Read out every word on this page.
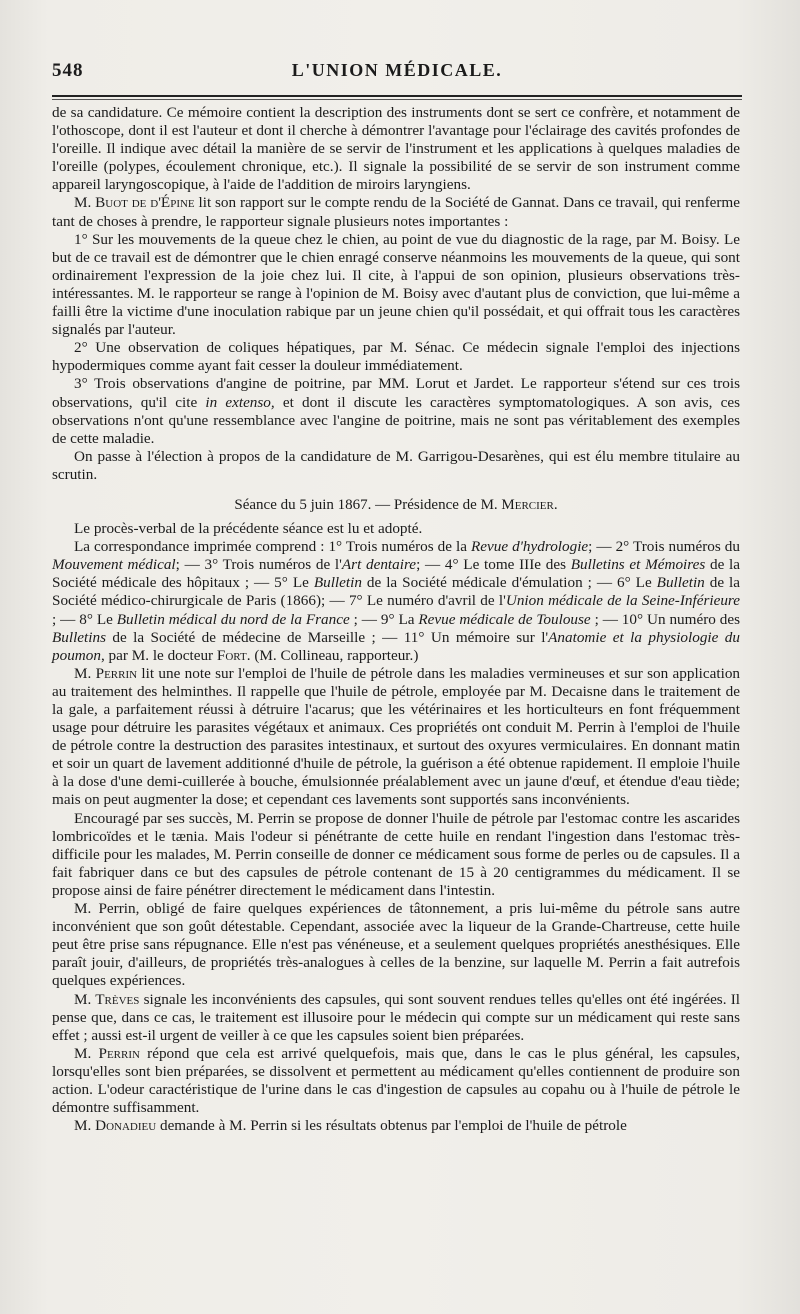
548	L'UNION MÉDICALE.

de sa candidature. Ce mémoire contient la description des instruments dont se sert ce confrère, et notamment de l'othoscope, dont il est l'auteur et dont il cherche à démontrer l'avantage pour l'éclairage des cavités profondes de l'oreille. Il indique avec détail la manière de se servir de l'instrument et les applications à quelques maladies de l'oreille (polypes, écoulement chronique, etc.). Il signale la possibilité de se servir de son instrument comme appareil laryngoscopique, à l'aide de l'addition de miroirs laryngiens.

M. Buot de d'Épine lit son rapport sur le compte rendu de la Société de Gannat. Dans ce travail, qui renferme tant de choses à prendre, le rapporteur signale plusieurs notes importantes :

1° Sur les mouvements de la queue chez le chien, au point de vue du diagnostic de la rage, par M. Boisy. Le but de ce travail est de démontrer que le chien enragé conserve néanmoins les mouvements de la queue, qui sont ordinairement l'expression de la joie chez lui. Il cite, à l'appui de son opinion, plusieurs observations très-intéressantes. M. le rapporteur se range à l'opinion de M. Boisy avec d'autant plus de conviction, que lui-même a failli être la victime d'une inoculation rabique par un jeune chien qu'il possédait, et qui offrait tous les caractères signalés par l'auteur.

2° Une observation de coliques hépatiques, par M. Sénac. Ce médecin signale l'emploi des injections hypodermiques comme ayant fait cesser la douleur immédiatement.

3° Trois observations d'angine de poitrine, par MM. Lorut et Jardet. Le rapporteur s'étend sur ces trois observations, qu'il cite in extenso, et dont il discute les caractères symptomatologiques. A son avis, ces observations n'ont qu'une ressemblance avec l'angine de poitrine, mais ne sont pas véritablement des exemples de cette maladie.

On passe à l'élection à propos de la candidature de M. Garrigou-Desarènes, qui est élu membre titulaire au scrutin.

Séance du 5 juin 1867. — Présidence de M. Mercier.

Le procès-verbal de la précédente séance est lu et adopté.

La correspondance imprimée comprend : 1° Trois numéros de la Revue d'hydrologie; — 2° Trois numéros du Mouvement médical; — 3° Trois numéros de l'Art dentaire; — 4° Le tome IIIe des Bulletins et Mémoires de la Société médicale des hôpitaux ; — 5° Le Bulletin de la Société médicale d'émulation ; — 6° Le Bulletin de la Société médico-chirurgicale de Paris (1866); — 7° Le numéro d'avril de l'Union médicale de la Seine-Inférieure ; — 8° Le Bulletin médical du nord de la France ; — 9° La Revue médicale de Toulouse ; — 10° Un numéro des Bulletins de la Société de médecine de Marseille ; — 11° Un mémoire sur l'Anatomie et la physiologie du poumon, par M. le docteur Fort. (M. Collineau, rapporteur.)

M. Perrin lit une note sur l'emploi de l'huile de pétrole dans les maladies vermineuses et sur son application au traitement des helminthes. Il rappelle que l'huile de pétrole, employée par M. Decaisne dans le traitement de la gale, a parfaitement réussi à détruire l'acarus; que les vétérinaires et les horticulteurs en font fréquemment usage pour détruire les parasites végétaux et animaux. Ces propriétés ont conduit M. Perrin à l'emploi de l'huile de pétrole contre la destruction des parasites intestinaux, et surtout des oxyures vermiculaires. En donnant matin et soir un quart de lavement additionné d'huile de pétrole, la guérison a été obtenue rapidement. Il emploie l'huile à la dose d'une demi-cuillerée à bouche, émulsionnée préalablement avec un jaune d'œuf, et étendue d'eau tiède; mais on peut augmenter la dose; et cependant ces lavements sont supportés sans inconvénients.

Encouragé par ses succès, M. Perrin se propose de donner l'huile de pétrole par l'estomac contre les ascarides lombricoïdes et le tænia. Mais l'odeur si pénétrante de cette huile en rendant l'ingestion dans l'estomac très-difficile pour les malades, M. Perrin conseille de donner ce médicament sous forme de perles ou de capsules. Il a fait fabriquer dans ce but des capsules de pétrole contenant de 15 à 20 centigrammes du médicament. Il se propose ainsi de faire pénétrer directement le médicament dans l'intestin.

M. Perrin, obligé de faire quelques expériences de tâtonnement, a pris lui-même du pétrole sans autre inconvénient que son goût détestable. Cependant, associée avec la liqueur de la Grande-Chartreuse, cette huile peut être prise sans répugnance. Elle n'est pas vénéneuse, et a seulement quelques propriétés anesthésiques. Elle paraît jouir, d'ailleurs, de propriétés très-analogues à celles de la benzine, sur laquelle M. Perrin a fait autrefois quelques expériences.

M. Trèves signale les inconvénients des capsules, qui sont souvent rendues telles qu'elles ont été ingérées. Il pense que, dans ce cas, le traitement est illusoire pour le médecin qui compte sur un médicament qui reste sans effet ; aussi est-il urgent de veiller à ce que les capsules soient bien préparées.

M. Perrin répond que cela est arrivé quelquefois, mais que, dans le cas le plus général, les capsules, lorsqu'elles sont bien préparées, se dissolvent et permettent au médicament qu'elles contiennent de produire son action. L'odeur caractéristique de l'urine dans le cas d'ingestion de capsules au copahu ou à l'huile de pétrole le démontre suffisamment.

M. Donadieu demande à M. Perrin si les résultats obtenus par l'emploi de l'huile de pétrole
